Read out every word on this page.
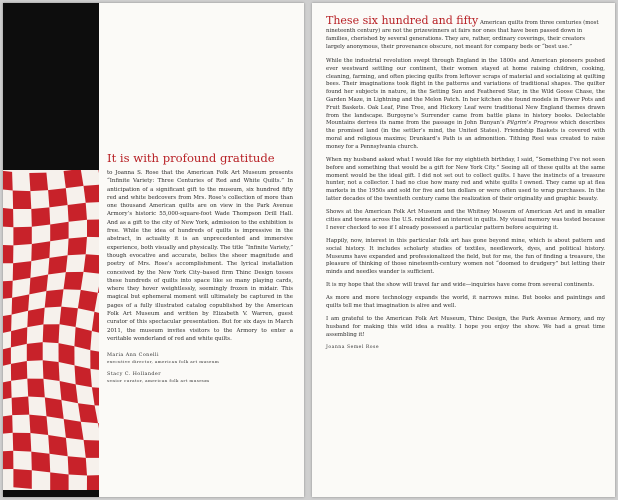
It is with profound gratitude

to Joanna S. Rose that the American Folk Art Museum presents “Infinite Variety: Three Centuries of Red and White Quilts.” In anticipation of a significant gift to the museum, six hundred fifty red and white bedcovers from Mrs. Rose’s collection of more than one thousand American quilts are on view in the Park Avenue Armory’s historic 55,000-square-foot Wade Thompson Drill Hall. And as a gift to the city of New York, admission to the exhibition is free. While the idea of hundreds of quilts is impressive in the abstract, in actuality it is an unprecedented and immersive experience, both visually and physically. The title “Infinite Variety,” though evocative and accurate, belies the sheer magnitude and poetry of Mrs. Rose’s accomplishment. The lyrical installation conceived by the New York City–based firm Thinc Design tosses these hundreds of quilts into space like so many playing cards, where they hover weightlessly, seemingly frozen in midair. This magical but ephemeral moment will ultimately be captured in the pages of a fully illustrated catalog copublished by the American Folk Art Museum and written by Elizabeth V. Warren, guest curator of this spectacular presentation. But for six days in March 2011, the museum invites visitors to the Armory to enter a veritable wonderland of red and white quilts.

Maria Ann Conelli
executive director, american folk art museum
Stacy C. Hollander
senior curator, american folk art museum

These six hundred and fifty American quilts from three centuries (most nineteenth century) are not the prizewinners at fairs nor ones that have been passed down in families, cherished by several generations. They are, rather, ordinary coverings, their creators largely anonymous, their provenance obscure, not meant for company beds or “best use.”

While the industrial revolution swept through England in the 1800s and American pioneers pushed ever westward settling our continent, their women stayed at home raising children, cooking, cleaning, farming, and often piecing quilts from leftover scraps of material and socializing at quilting bees. Their imaginations took flight in the patterns and variations of traditional shapes. The quilter found her subjects in nature, in the Setting Sun and Feathered Star, in the Wild Goose Chase, the Garden Maze, in Lightning and the Melon Patch. In her kitchen she found models in Flower Pots and Fruit Baskets. Oak Leaf, Pine Tree, and Hickory Leaf were traditional New England themes drawn from the landscape. Burgoyne’s Surrender came from battle plans in history books. Delectable Mountains derives its name from the passage in John Bunyan’s Pilgrim’s Progress which describes the promised land (in the settler’s mind, the United States). Friendship Baskets is covered with moral and religious maxims; Drunkard’s Path is an admonition. Tithing Reel was created to raise money for a Pennsylvania church.

When my husband asked what I would like for my eightieth birthday, I said, “Something I’ve not seen before and something that would be a gift for New York City.” Seeing all of these quilts at the same moment would be the ideal gift. I did not set out to collect quilts. I have the instincts of a treasure hunter, not a collector. I had no clue how many red and white quilts I owned. They came up at flea markets in the 1950s and sold for five and ten dollars or were often used to wrap purchases. In the latter decades of the twentieth century came the realization of their originality and graphic beauty.

Shows at the American Folk Art Museum and the Whitney Museum of American Art and in smaller cities and towns across the U.S. rekindled an interest in quilts. My visual memory was tested because I never checked to see if I already possessed a particular pattern before acquiring it.

Happily, now, interest in this particular folk art has gone beyond mine, which is about pattern and social history. It includes scholarly studies of textiles, needlework, dyes, and political history. Museums have expanded and professionalized the field, but for me, the fun of finding a treasure, the pleasure of thinking of those nineteenth-century women not “doomed to drudgery” but letting their minds and needles wander is sufficient.

It is my hope that the show will travel far and wide—inquiries have come from several continents.

As more and more technology expands the world, it narrows mine. But books and paintings and quilts tell me that imagination is alive and well.

I am grateful to the American Folk Art Museum, Thinc Design, the Park Avenue Armory, and my husband for making this wild idea a reality. I hope you enjoy the show. We had a great time assembling it!

Joanna Semel Rose
